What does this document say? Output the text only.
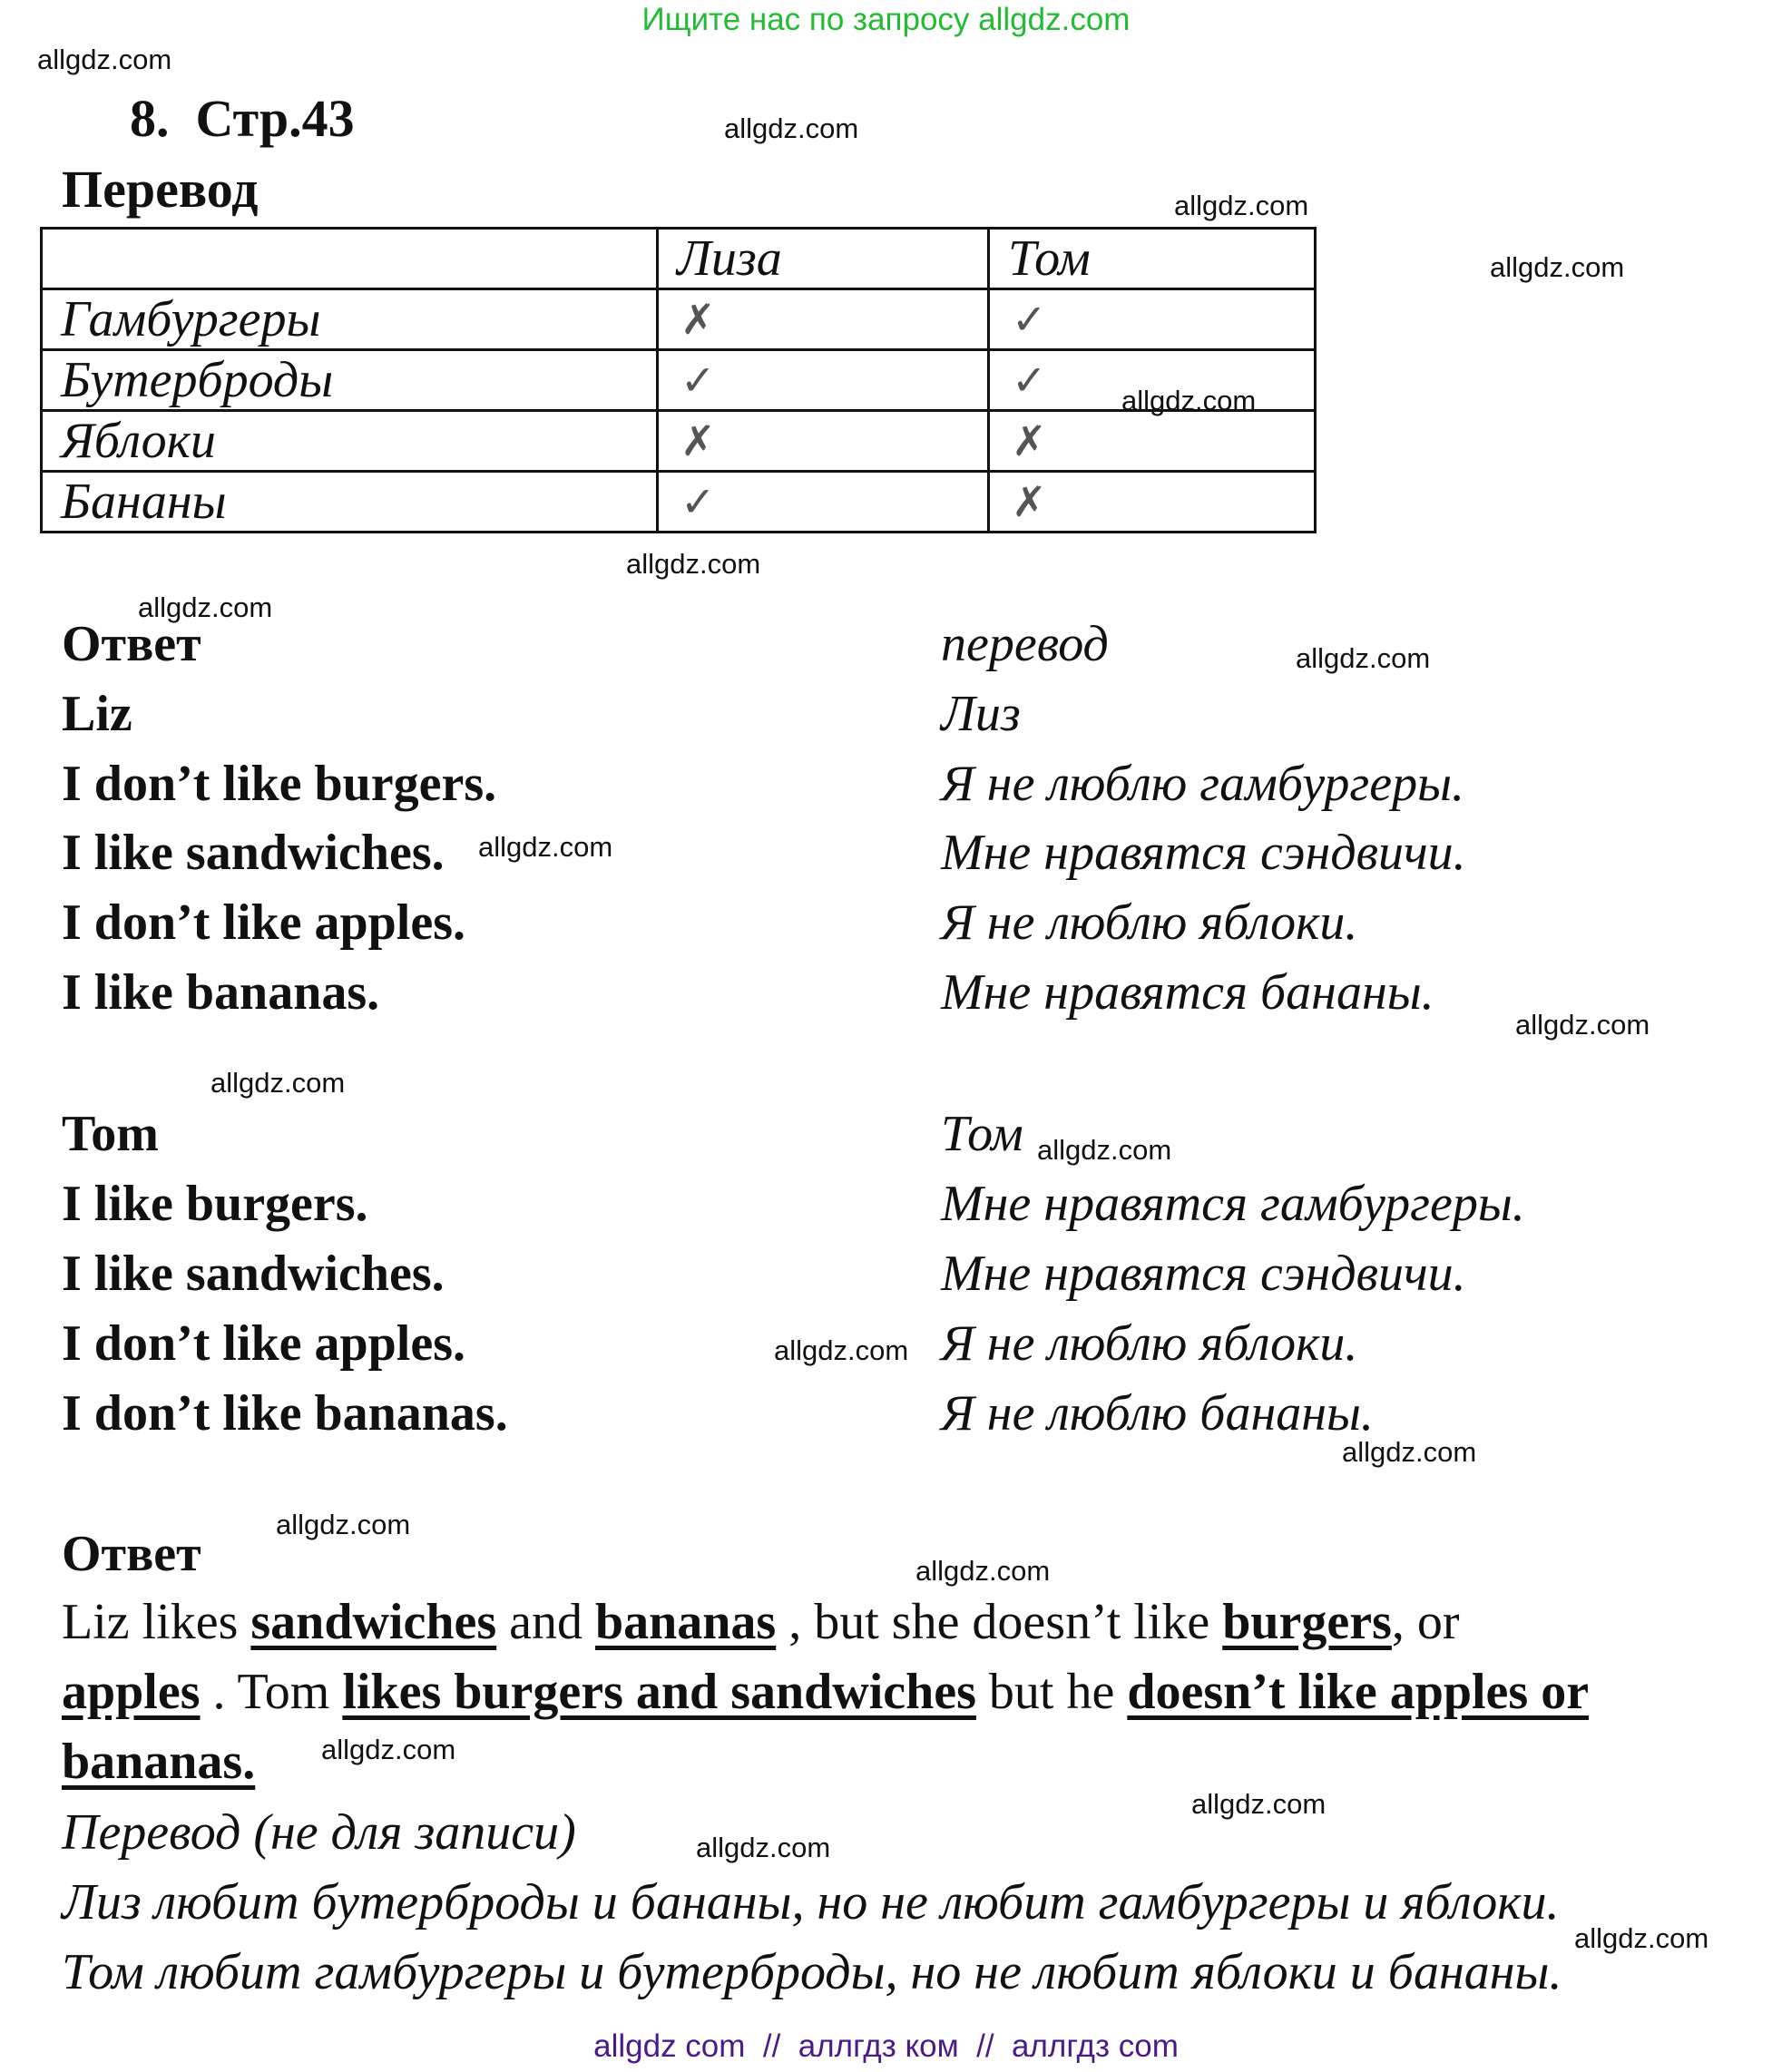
Ищите нас по запросу allgdz.com
allgdz.com
8.  Стр.43	allgdz.com
Перевод	allgdz.com
allgdz.com
	Лиза	Том
Гамбургеры	✗	✓
Бутерброды	✓	✓
Яблоки	✗	✗
Бананы	✓	✗
allgdz.com
allgdz.com
allgdz.com
Ответ	перевод	allgdz.com
Liz	Лиз
I don’t like burgers.	Я не люблю гамбургеры.
I like sandwiches. allgdz.com	Мне нравятся сэндвичи.
I don’t like apples.	Я не люблю яблоки.
I like bananas.	Мне нравятся бананы.
allgdz.com
allgdz.com
Tom	Том allgdz.com
I like burgers.	Мне нравятся гамбургеры.
I like sandwiches.	Мне нравятся сэндвичи.
I don’t like apples.	allgdz.com Я не люблю яблоки.
I don’t like bananas.	Я не люблю бананы.
allgdz.com
allgdz.com
Ответ	allgdz.com
Liz likes sandwiches and bananas , but she doesn’t like burgers, or
apples . Tom likes burgers and sandwiches but he doesn’t like apples or
bananas. allgdz.com
allgdz.com
Перевод (не для записи)	allgdz.com
Лиз любит бутерброды и бананы, но не любит гамбургеры и яблоки.
allgdz.com
Том любит гамбургеры и бутерброды, но не любит яблоки и бананы.
allgdz com  //  аллгдз ком  //  аллгдз com
